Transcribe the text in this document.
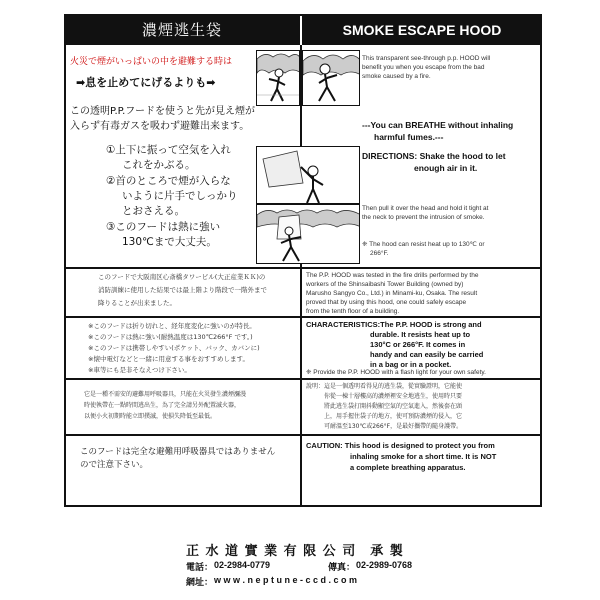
濃煙逃生袋	SMOKE ESCAPE HOOD
火災で煙がいっぱいの中を避難する時は
➡息を止めてにげるよりも➡
この透明P.P.フードを使うと先が見え煙が
入らず有毒ガスを吸わず避難出来ます。
①上下に振って空気を入れ
これをかぶる。
②首のところで煙が入らな
いように片手でしっかり
とおさえる。
③このフードは熱に強い
130℃まで大丈夫。
This transparent see-through p.p. HOOD will
benefit you when you escape from the bad
smoke caused by a fire.
---You can BREATHE without inhaling
harmful fumes.---
DIRECTIONS: Shake the hood to let
enough air in it.
Then pull it over the head and hold it tight at
the neck to prevent the intrusion of smoke.
❈ The hood can resist heat up to 130℃ or
266°F.
このフードで大阪南区心斎橋タワービル(大正産業ＫＫ)の
消防訓練に使用した結果では最上階より階段で一階外まで
降りることが出来ました。
The P.P. HOOD was tested in the fire drills performed by the
workers of the Shinsaibashi Tower Building (owned by)
Marusho Sangyo Co., Ltd.) in Minami-ku, Osaka. The result
proved that by using this hood, one could safely escape
from the tenth floor of a building.
※このフードは折り切れと、経年度変化に強いのが特長。
※このフードは熱に強い(耐熱温度は130℃266°F です。)
※このフードは携帯しやすい(ポケット、バック、カバンに)
※懐中電灯などと一緒に用意する事をおすすめします。
※車等にも是非そなえつけ下さい。
CHARACTERISTICS:The P.P. HOOD is strong and
durable. It resists heat up to
130°C or 266°F. It comes in
handy and can easily be carried
in a bag or in a pocket.
❈ Provide the P.P. HOOD with a flash light for your own safety.
它是一種不需安的避難用呼吸器具，只能在火災發生濃煙瀰漫
時使執帶在一點時間逃出生，為了完全請另外配置滅火器，
以便小火初期時能立即撲滅，使損失降低至最低。
說明：這是一個透明看得見的逃生袋，從實驗證明，它能使
你從一棟十層樓高的濃煙裡安全地逃生，使用時只要
將此逃生袋打開抖動顯空氣的空氣進入，然後套在頭
上，用手握住袋子的地方，使可預防濃煙的侵入，它
可耐溫至130℃或266°F，是最好攜帶的隨身護帶。
このフードは完全な避難用呼吸器具ではありません
ので注意下さい。
CAUTION: This hood is designed to protect you from
inhaling smoke for a short time. It is NOT
a complete breathing apparatus.
正 水 道 實 業 有 限 公 司　承 製
電話： 02-2984-0779	傳真： 02-2989-0768
網址： w w w . n e p t u n e - c c d . c o m
